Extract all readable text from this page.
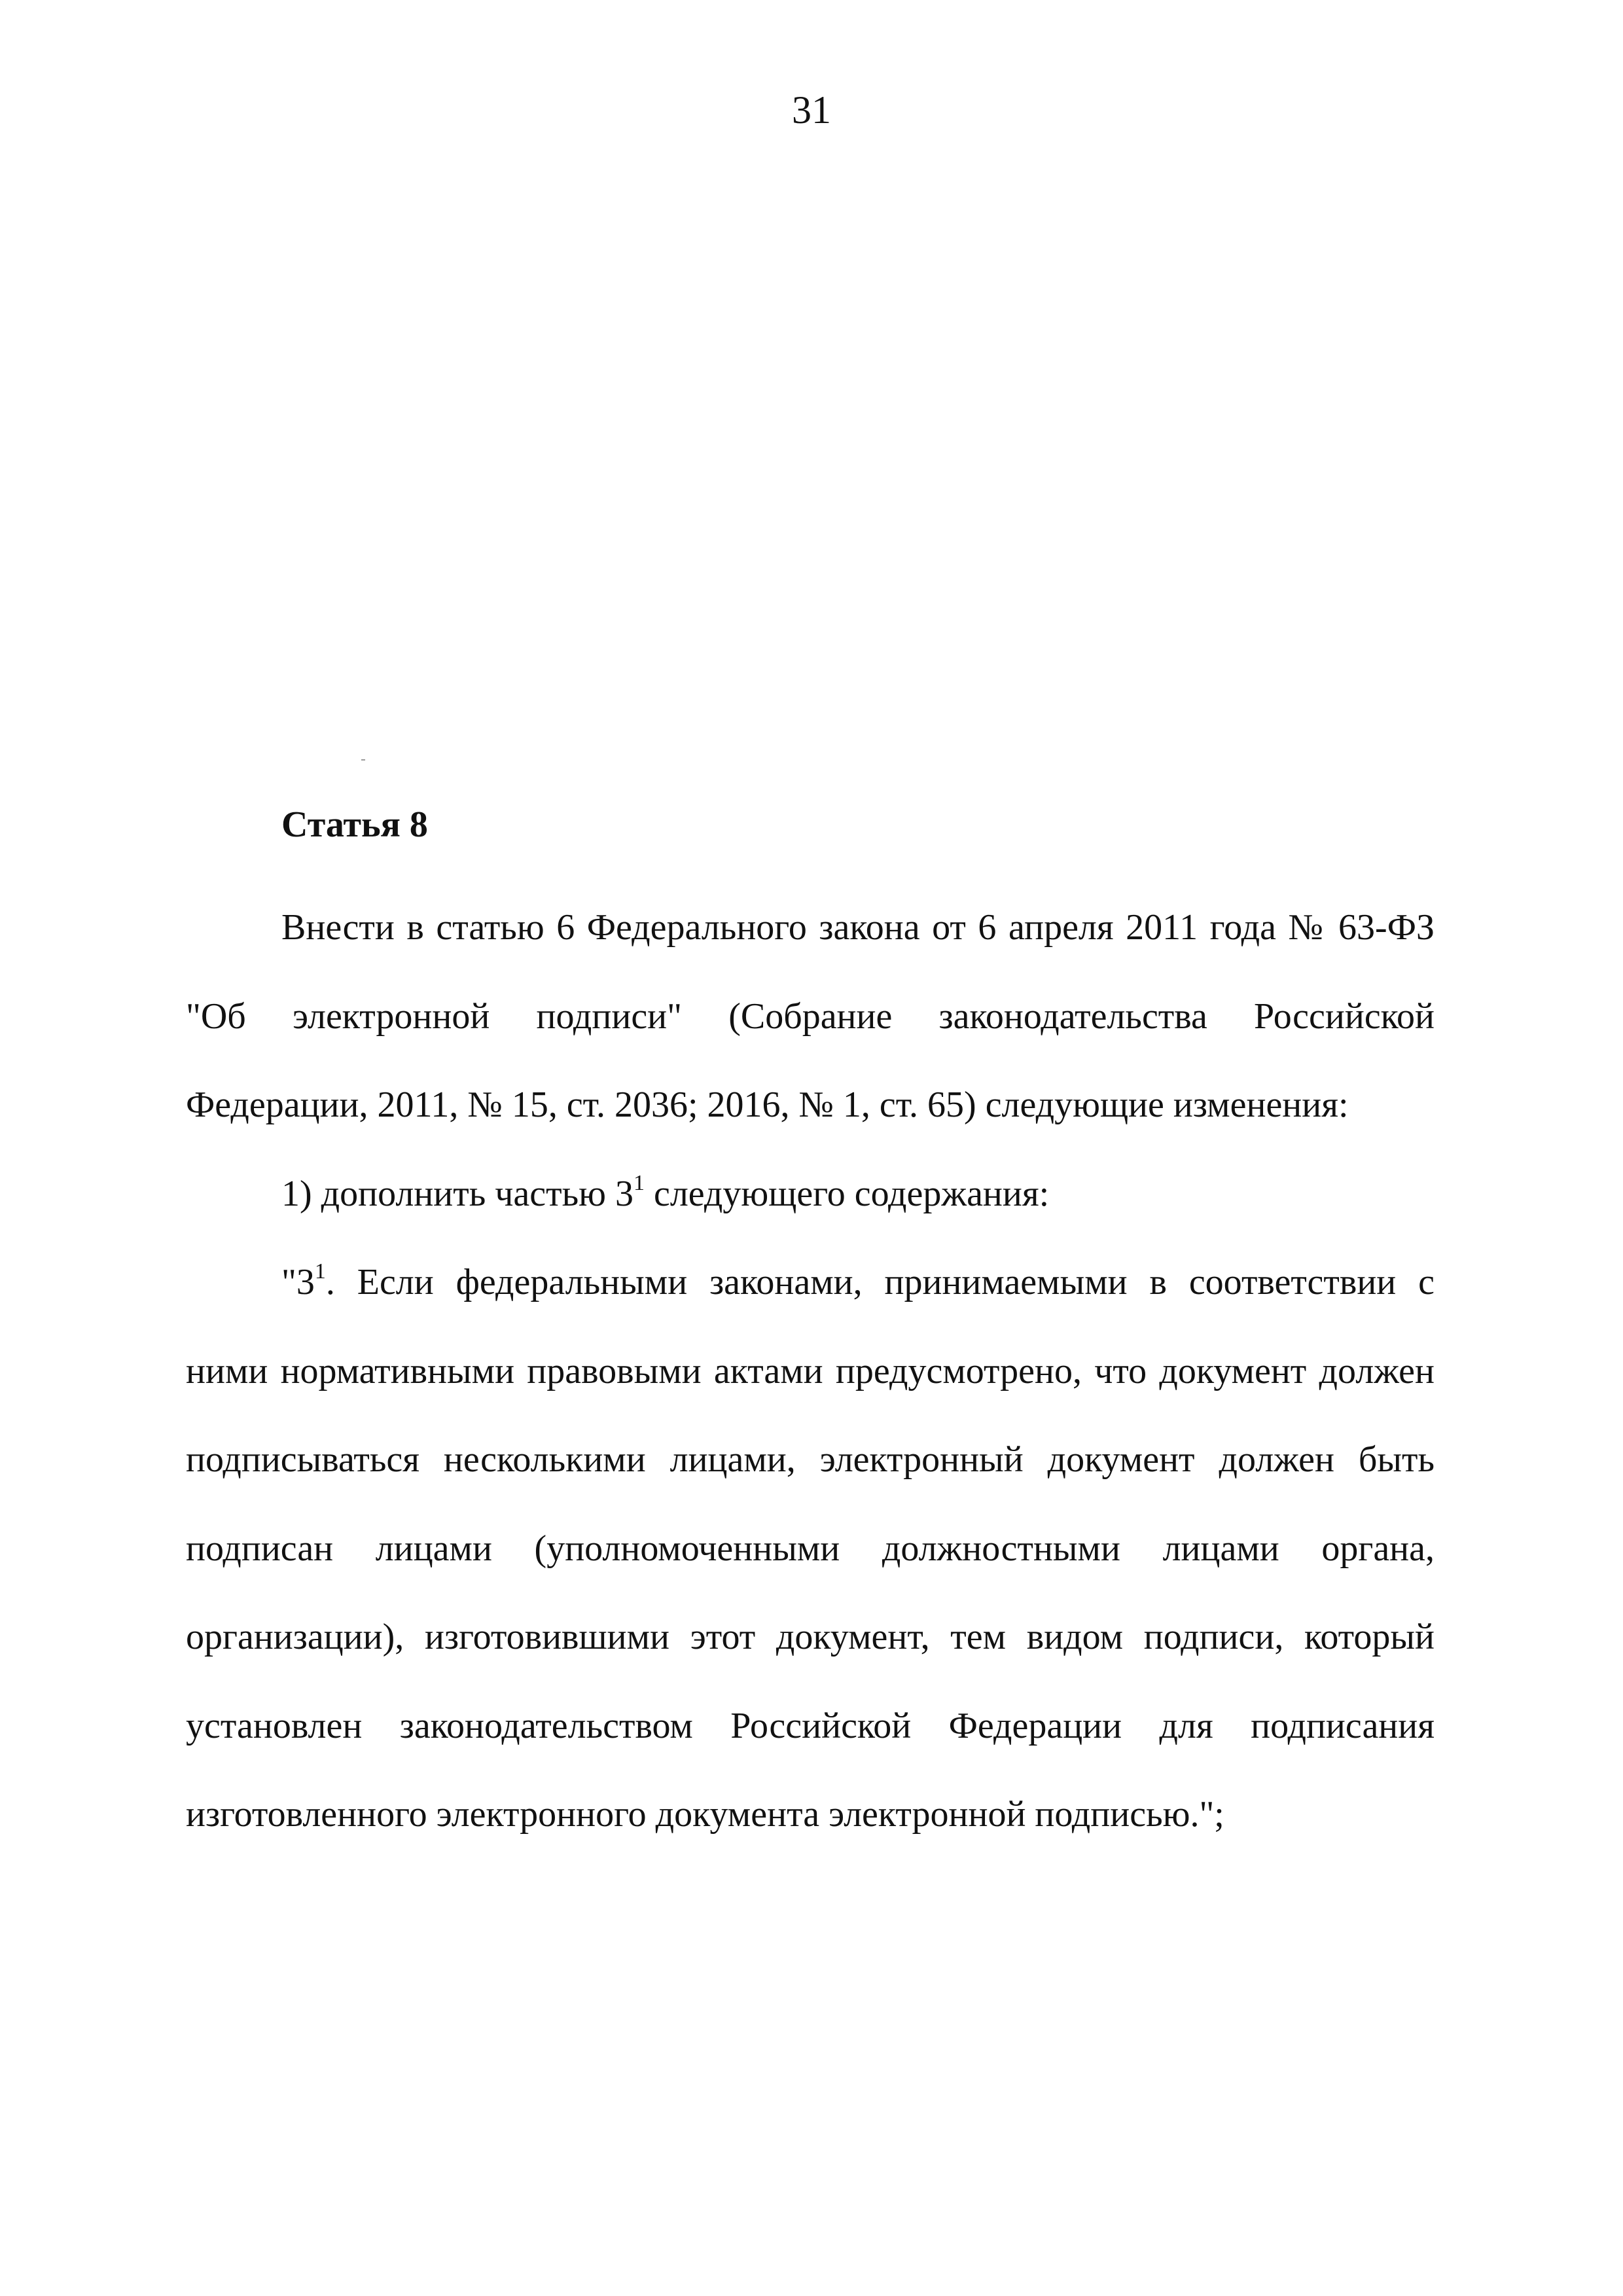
31
Статья 8

Внести в статью 6 Федерального закона от 6 апреля 2011 года № 63-ФЗ "Об электронной подписи" (Собрание законодательства Российской Федерации, 2011, № 15, ст. 2036; 2016, № 1, ст. 65) следующие изменения:

1) дополнить частью $3^1$ следующего содержания:

"$3^1$. Если федеральными законами, принимаемыми в соответствии с ними нормативными правовыми актами предусмотрено, что документ должен подписываться несколькими лицами, электронный документ должен быть подписан лицами (уполномоченными должностными лицами органа, организации), изготовившими этот документ, тем видом подписи, который установлен законодательством Российской Федерации для подписания изготовленного электронного документа электронной подписью.";
